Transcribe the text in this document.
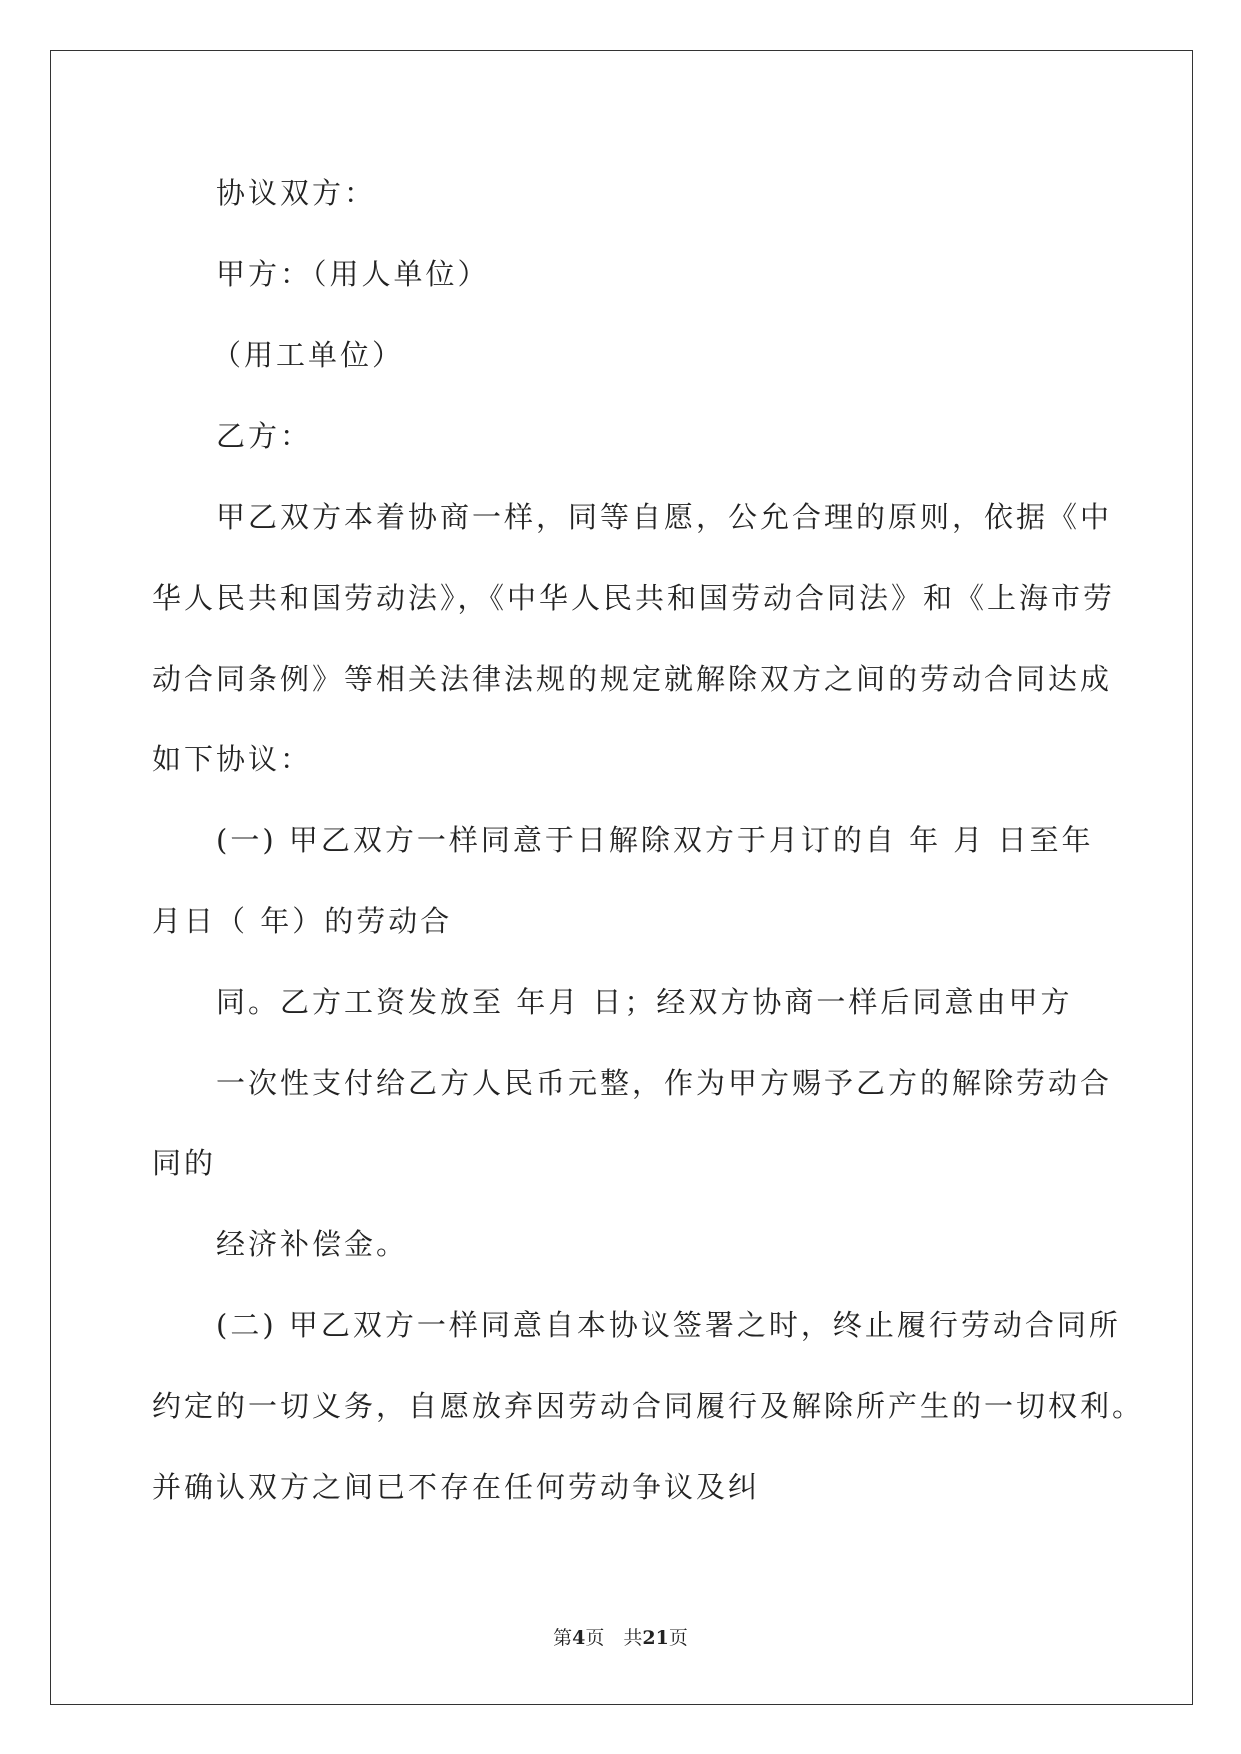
协议双方：
甲方：（用人单位）
（用工单位）
乙方：
甲乙双方本着协商一样，同等自愿，公允合理的原则，依据《中
华人民共和国劳动法》，《中华人民共和国劳动合同法》和《上海市劳
动合同条例》等相关法律法规的规定就解除双方之间的劳动合同达成
如下协议：
(一) 甲乙双方一样同意于日解除双方于月订的自 年 月 日至年
月日（ 年）的劳动合
同。乙方工资发放至 年月 日；经双方协商一样后同意由甲方
一次性支付给乙方人民币元整，作为甲方赐予乙方的解除劳动合
同的
经济补偿金。
(二) 甲乙双方一样同意自本协议签署之时，终止履行劳动合同所
约定的一切义务，自愿放弃因劳动合同履行及解除所产生的一切权利。
并确认双方之间已不存在任何劳动争议及纠
第4页　共21页
